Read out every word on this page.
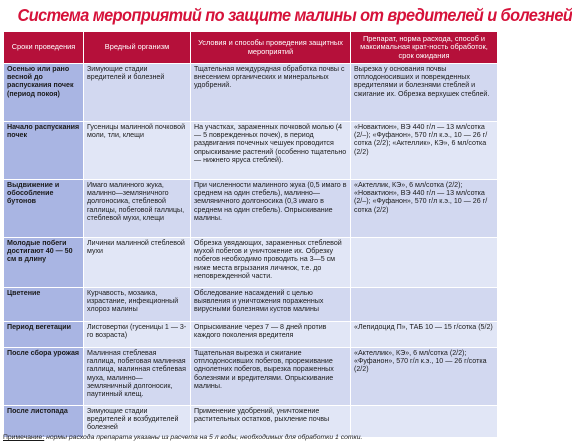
Система мероприятий по защите малины от вредителей и болезней
Сроки проведения	Вредный организм	Условия и способы проведения защитных мероприятий	Препарат, норма расхода, способ и максимальная крат-ность обработок, срок ожидания
Осенью или рано весной до распускания почек (период покоя)	Зимующие стадии вредителей и болезней	Тщательная междурядная обработка почвы с внесением органических и минеральных удобрений.	Вырезка у основания почвы отплодоносивших и поврежденных вредителями и болезнями стеблей и сжигание их. Обрезка верхушек стеблей.
Начало распускания почек	Гусеницы малинной почковой моли, тли, клещи	На участках, зараженных почковой молью (4 — 5 поврежденных почек), в период раздвигания почечных чешуек проводится опрыскивание растений (особенно тщательно — нижнего яруса стеблей).	«Новактион», ВЭ 440 г/л — 13 мл/сотка (2/–); «Фуфанон», 570 г/л к.э., 10 — 26 г/сотка (2/2); «Актеллик», КЭ», 6 мл/сотка (2/2)
Выдвижение и обособление бутонов	Имаго малинного жука, малинно—земляничного долгоносика, стеблевой галлицы, побеговой галлицы, стеблевой мухи, клещи	При численности малинного жука (0,5 имаго в среднем на один стебель), малинно—земляничного долгоносика (0,3 имаго в среднем на один стебель). Опрыскивание малины.	«Актеллик, КЭ», 6 мл/сотка (2/2); «Новактион», ВЭ 440 г/л — 13 мл/сотка (2/–); «Фуфанон», 570 г/л к.э., 10 — 26 г/сотка (2/2)
Молодые побеги достигают 40 — 50 см в длину	Личинки малинной стеблевой мухи	Обрезка увядающих, зараженных стеблевой мухой побегов и уничтожение их. Обрезку побегов необходимо проводить на 3—5 см ниже места вгрызания личинок, т.е. до неповрежденной части.	
Цветение	Курчавость, мозаика, израстание, инфекционный хлороз малины	Обследование насаждений с целью выявления и уничтожения пораженных вирусными болезнями кустов малины	
Период вегетации	Листовертки (гусеницы 1 — 3-го возраста)	Опрыскивание через 7 — 8 дней против каждого поколения вредителя	«Лепидоцид П», ТАБ 10 — 15 г/сотка (5/2)
После сбора урожая	Малинная стеблевая галлица, побеговая малинная галлица, малинная стеблевая муха, малинно—земляничный долгоносик, паутинный клещ.	Тщательная вырезка и сжигание отплодоносивших побегов, прореживание однолетних побегов, вырезка пораженных болезнями и вредителями. Опрыскивание малины.	«Актеллик», КЭ», 6 мл/сотка (2/2); «Фуфанон», 570 г/л к.э., 10 — 26 г/сотка (2/2)
После листопада	Зимующие стадии вредителей и возбудителей болезней	Применение удобрений, уничтожение растительных остатков, рыхление почвы	
Примечание: нормы расхода препарата указаны из расчета на 5 л воды, необходимых для обработки 1 сотки.
